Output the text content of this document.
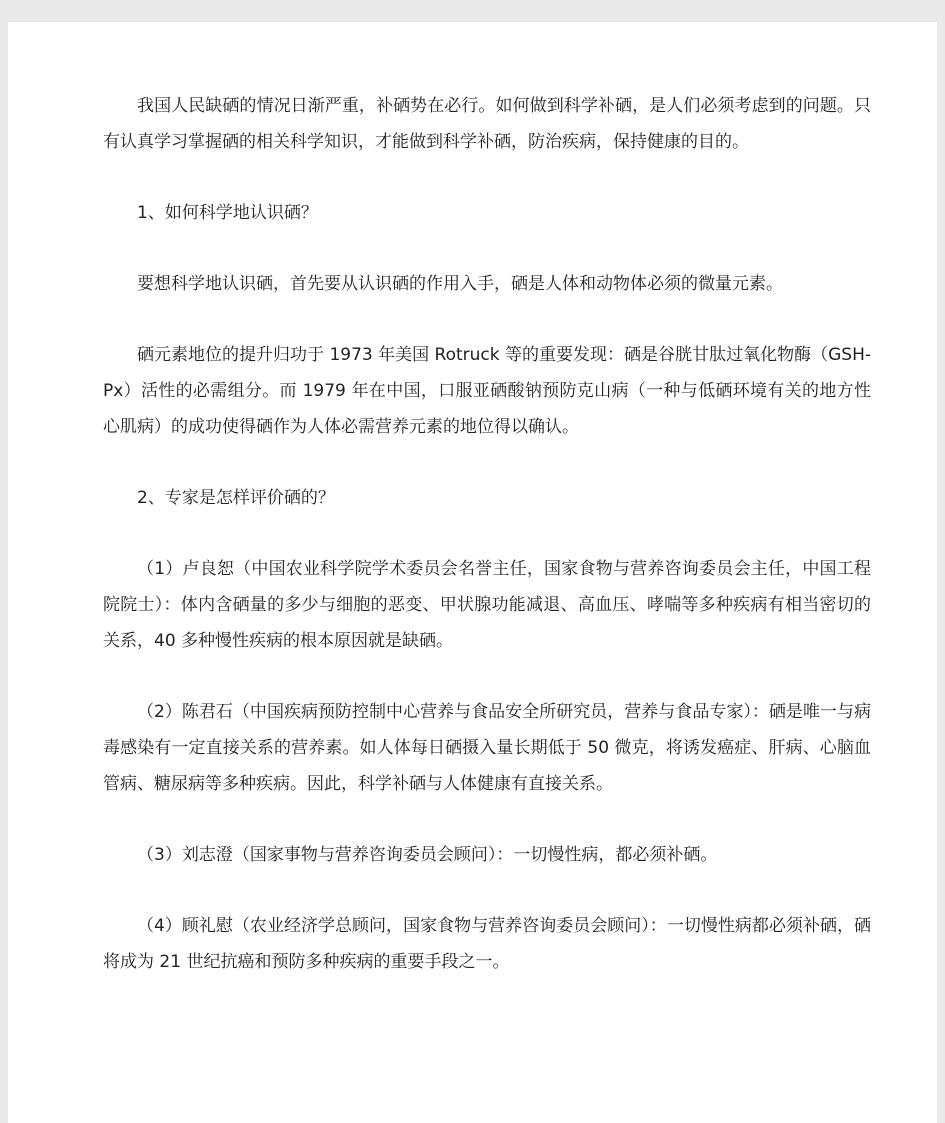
我国人民缺硒的情况日渐严重，补硒势在必行。如何做到科学补硒，是人们必须考虑到的问题。只有认真学习掌握硒的相关科学知识，才能做到科学补硒，防治疾病，保持健康的目的。

1、如何科学地认识硒？

要想科学地认识硒，首先要从认识硒的作用入手，硒是人体和动物体必须的微量元素。

硒元素地位的提升归功于 1973 年美国 Rotruck 等的重要发现：硒是谷胱甘肽过氧化物酶（GSH-Px）活性的必需组分。而 1979 年在中国，口服亚硒酸钠预防克山病（一种与低硒环境有关的地方性心肌病）的成功使得硒作为人体必需营养元素的地位得以确认。

2、专家是怎样评价硒的？

（1）卢良恕（中国农业科学院学术委员会名誉主任，国家食物与营养咨询委员会主任，中国工程院院士）：体内含硒量的多少与细胞的恶变、甲状腺功能减退、高血压、哮喘等多种疾病有相当密切的关系，40 多种慢性疾病的根本原因就是缺硒。

（2）陈君石（中国疾病预防控制中心营养与食品安全所研究员，营养与食品专家）：硒是唯一与病毒感染有一定直接关系的营养素。如人体每日硒摄入量长期低于 50 微克，将诱发癌症、肝病、心脑血管病、糖尿病等多种疾病。因此，科学补硒与人体健康有直接关系。

（3）刘志澄（国家事物与营养咨询委员会顾问）：一切慢性病，都必须补硒。

（4）顾礼慰（农业经济学总顾问，国家食物与营养咨询委员会顾问）：一切慢性病都必须补硒，硒将成为 21 世纪抗癌和预防多种疾病的重要手段之一。
